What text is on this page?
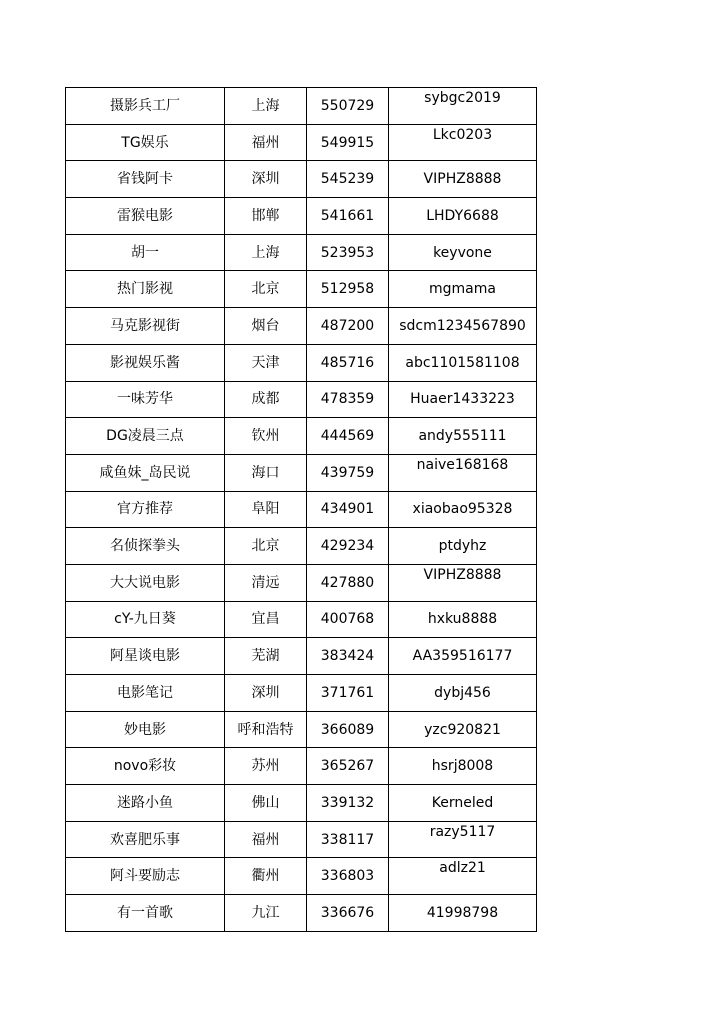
摄影兵工厂	上海	550729	sybgc2019

TG娱乐	福州	549915	Lkc0203

省钱阿卡	深圳	545239	VIPHZ8888
雷猴电影	邯郸	541661	LHDY6688
胡一	上海	523953	keyvone
热门影视	北京	512958	mgmama
马克影视街	烟台	487200	sdcm1234567890
影视娱乐酱	天津	485716	abc1101581108
一味芳华	成都	478359	Huaer1433223
DG凌晨三点	钦州	444569	andy555111
咸鱼妹_岛民说	海口	439759	naive168168

官方推荐	阜阳	434901	xiaobao95328
名侦探拳头	北京	429234	ptdyhz
大大说电影	清远	427880	VIPHZ8888

cY-九日葵	宜昌	400768	hxku8888
阿星谈电影	芜湖	383424	AA359516177
电影笔记	深圳	371761	dybj456
妙电影	呼和浩特	366089	yzc920821
novo彩妆	苏州	365267	hsrj8008
迷路小鱼	佛山	339132	Kerneled
欢喜肥乐事	福州	338117	razy5117

阿斗要励志	衢州	336803	adlz21

有一首歌	九江	336676	41998798
